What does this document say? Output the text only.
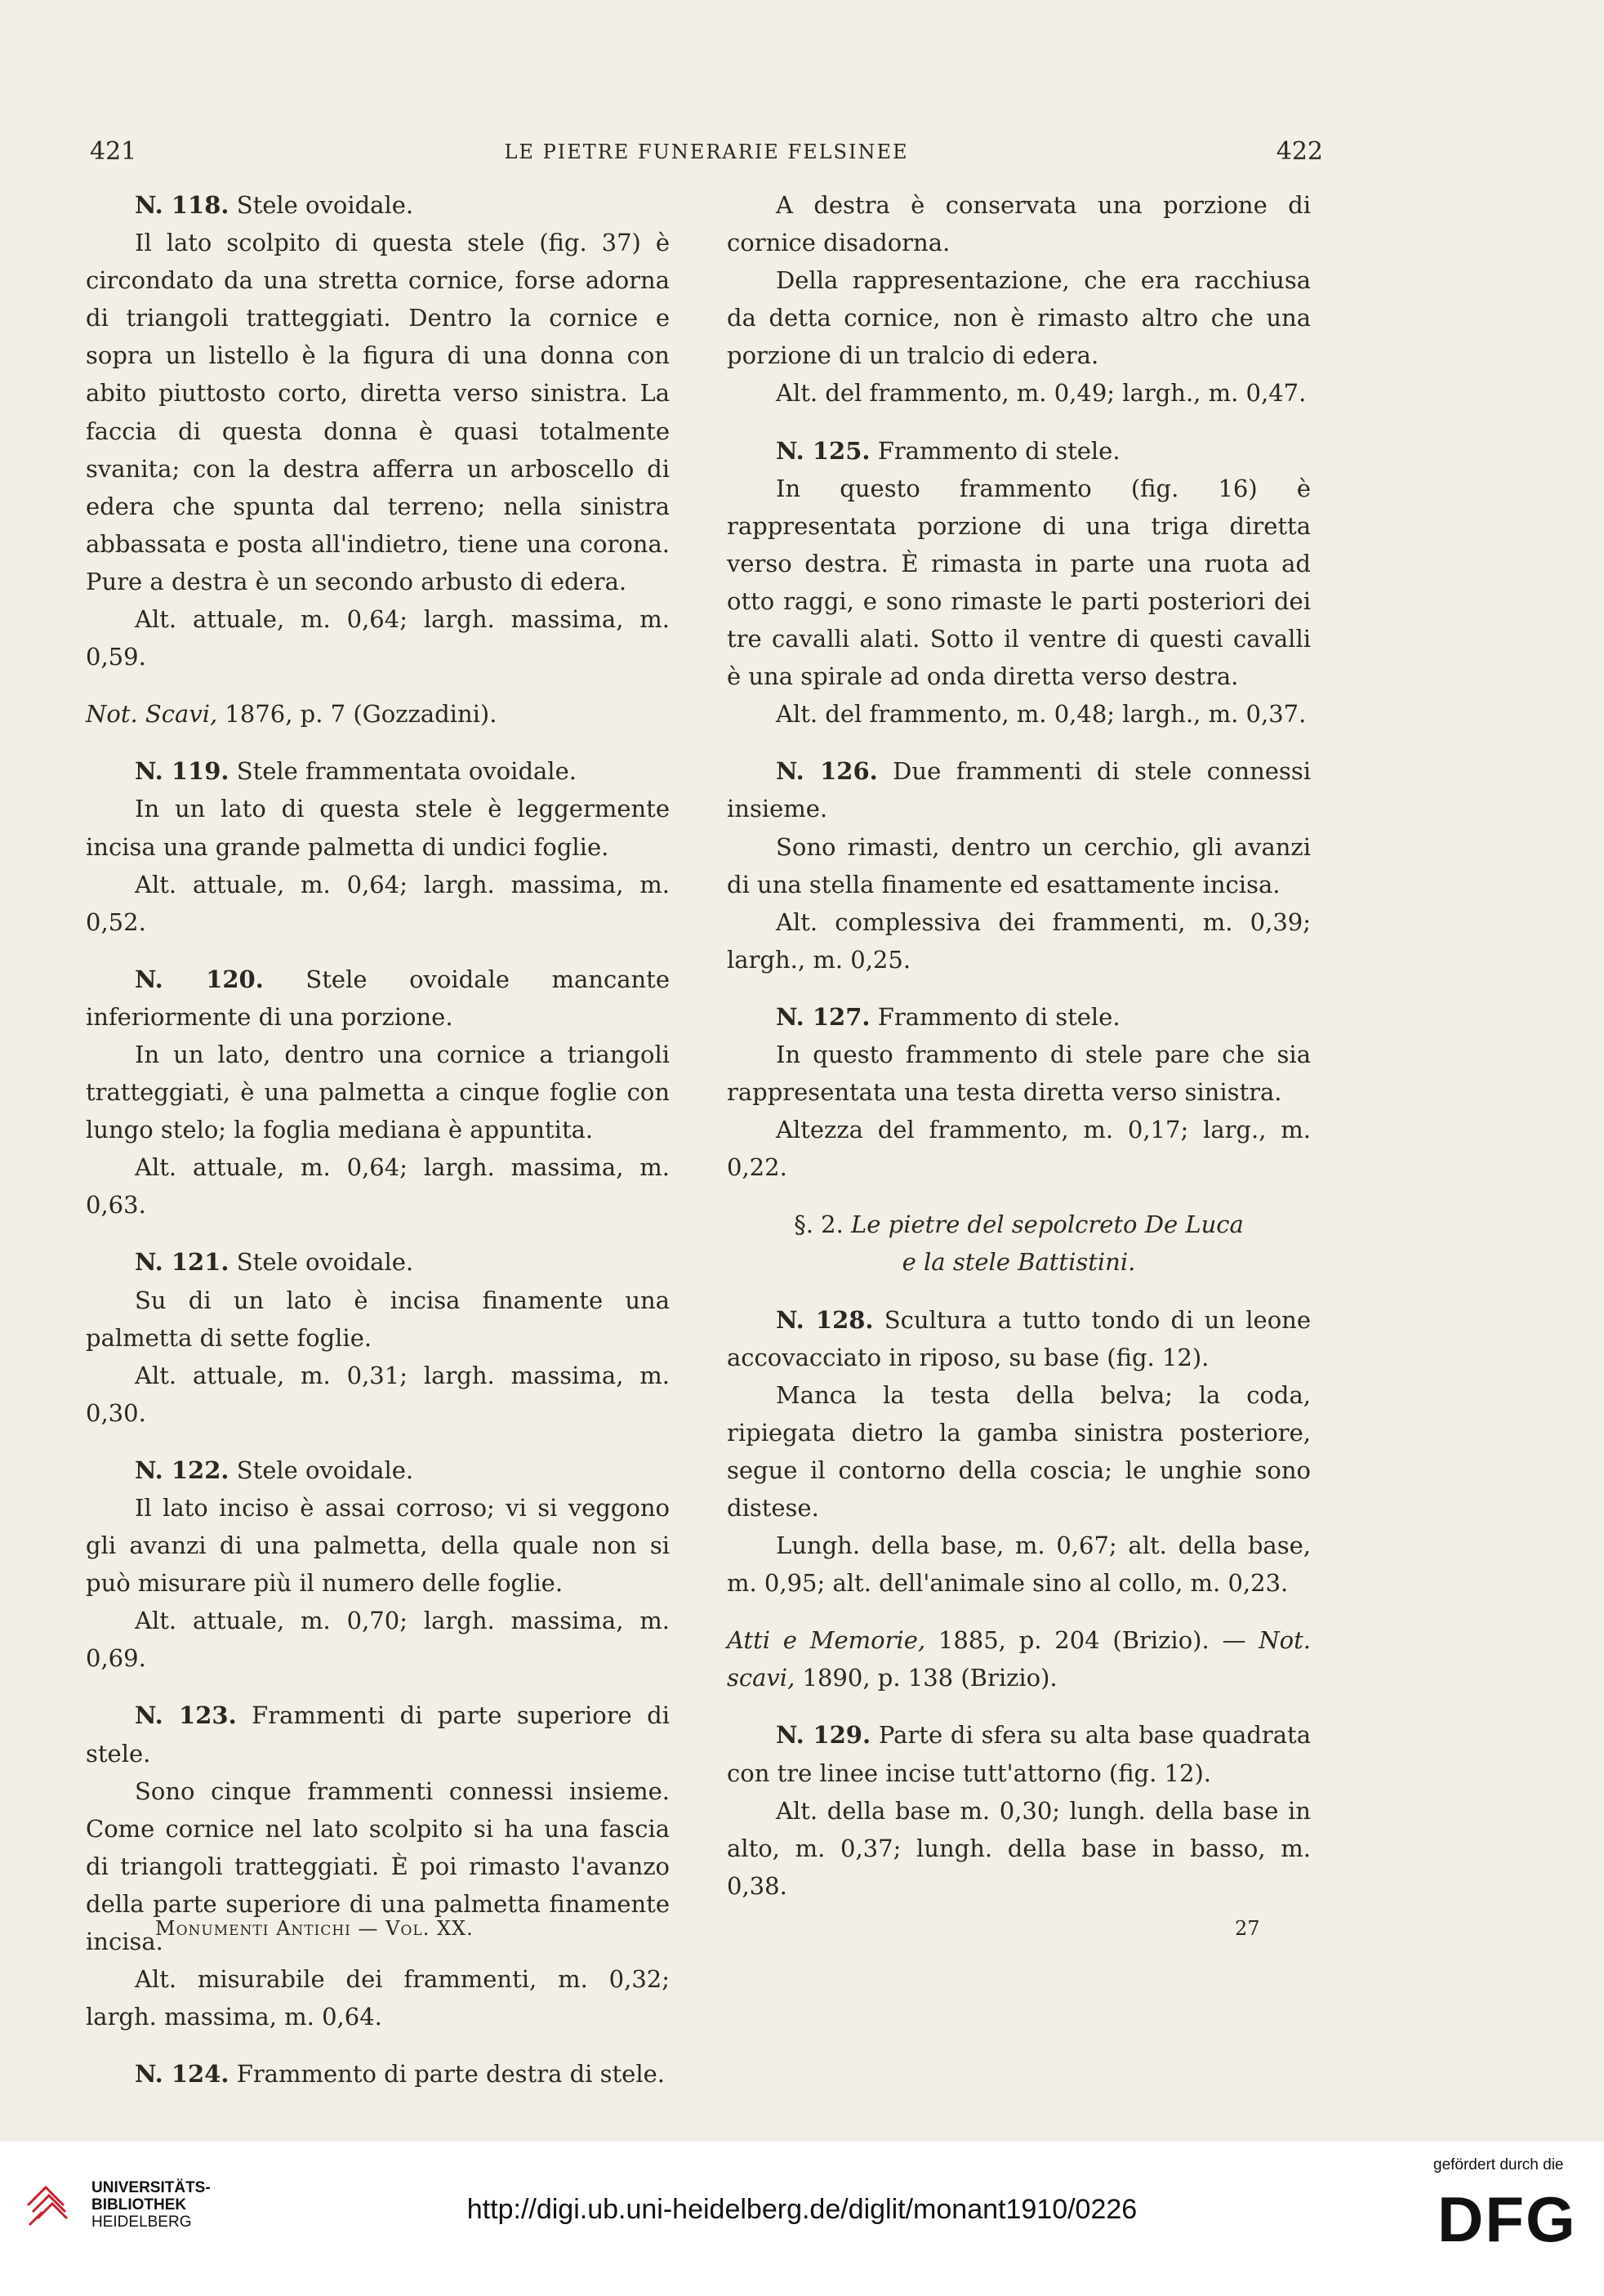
421	LE PIETRE FUNERARIE FELSINEE	422

N. 118. Stele ovoidale.

Il lato scolpito di questa stele (fig. 37) è circondato da una stretta cornice, forse adorna di triangoli tratteggiati. Dentro la cornice e sopra un listello è la figura di una donna con abito piuttosto corto, diretta verso sinistra. La faccia di questa donna è quasi totalmente svanita; con la destra afferra un arboscello di edera che spunta dal terreno; nella sinistra abbassata e posta all'indietro, tiene una corona. Pure a destra è un secondo arbusto di edera.

Alt. attuale, m. 0,64; largh. massima, m. 0,59.

Not. Scavi, 1876, p. 7 (Gozzadini).

N. 119. Stele frammentata ovoidale.

In un lato di questa stele è leggermente incisa una grande palmetta di undici foglie.

Alt. attuale, m. 0,64; largh. massima, m. 0,52.

N. 120. Stele ovoidale mancante inferiormente di una porzione.

In un lato, dentro una cornice a triangoli tratteggiati, è una palmetta a cinque foglie con lungo stelo; la foglia mediana è appuntita.

Alt. attuale, m. 0,64; largh. massima, m. 0,63.

N. 121. Stele ovoidale.

Su di un lato è incisa finamente una palmetta di sette foglie.

Alt. attuale, m. 0,31; largh. massima, m. 0,30.

N. 122. Stele ovoidale.

Il lato inciso è assai corroso; vi si veggono gli avanzi di una palmetta, della quale non si può misurare più il numero delle foglie.

Alt. attuale, m. 0,70; largh. massima, m. 0,69.

N. 123. Frammenti di parte superiore di stele.

Sono cinque frammenti connessi insieme. Come cornice nel lato scolpito si ha una fascia di triangoli tratteggiati. È poi rimasto l'avanzo della parte superiore di una palmetta finamente incisa.

Alt. misurabile dei frammenti, m. 0,32; largh. massima, m. 0,64.

N. 124. Frammento di parte destra di stele.

A destra è conservata una porzione di cornice disadorna.

Della rappresentazione, che era racchiusa da detta cornice, non è rimasto altro che una porzione di un tralcio di edera.

Alt. del frammento, m. 0,49; largh., m. 0,47.

N. 125. Frammento di stele.

In questo frammento (fig. 16) è rappresentata porzione di una triga diretta verso destra. È rimasta in parte una ruota ad otto raggi, e sono rimaste le parti posteriori dei tre cavalli alati. Sotto il ventre di questi cavalli è una spirale ad onda diretta verso destra.

Alt. del frammento, m. 0,48; largh., m. 0,37.

N. 126. Due frammenti di stele connessi insieme.

Sono rimasti, dentro un cerchio, gli avanzi di una stella finamente ed esattamente incisa.

Alt. complessiva dei frammenti, m. 0,39; largh., m. 0,25.

N. 127. Frammento di stele.

In questo frammento di stele pare che sia rappresentata una testa diretta verso sinistra.

Altezza del frammento, m. 0,17; larg., m. 0,22.

§. 2. Le pietre del sepolcreto De Luca

e la stele Battistini.

N. 128. Scultura a tutto tondo di un leone accovacciato in riposo, su base (fig. 12).

Manca la testa della belva; la coda, ripiegata dietro la gamba sinistra posteriore, segue il contorno della coscia; le unghie sono distese.

Lungh. della base, m. 0,67; alt. della base, m. 0,95; alt. dell'animale sino al collo, m. 0,23.

Atti e Memorie, 1885, p. 204 (Brizio). — Not. scavi, 1890, p. 138 (Brizio).

N. 129. Parte di sfera su alta base quadrata con tre linee incise tutt'attorno (fig. 12).

Alt. della base m. 0,30; lungh. della base in alto, m. 0,37; lungh. della base in basso, m. 0,38.

Monumenti Antichi — Vol. XX.	27
UNIVERSITÄTS-
BIBLIOTHEK
HEIDELBERG	http://digi.ub.uni-heidelberg.de/diglit/monant1910/0226
gefördert durch die
DFG
